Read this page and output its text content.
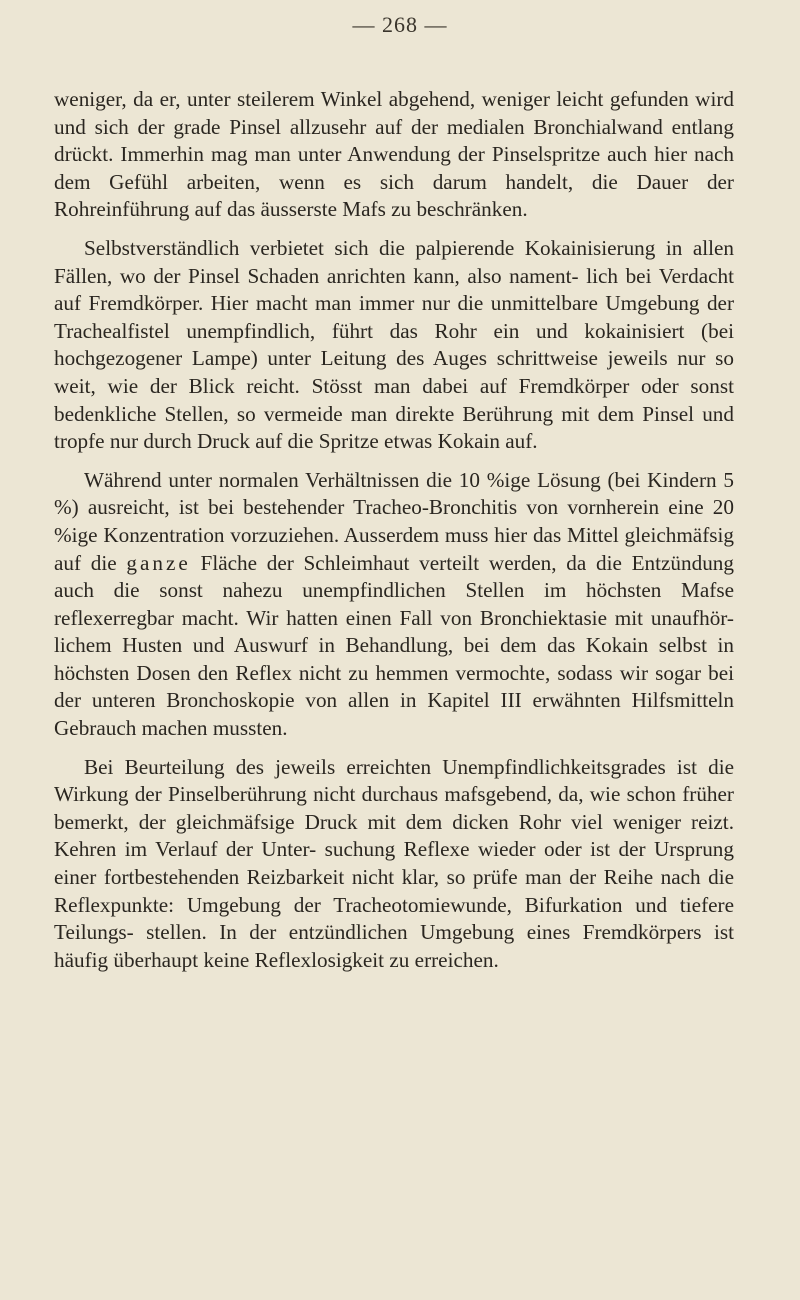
— 268 —

weniger, da er, unter steilerem Winkel abgehend, weniger leicht gefunden wird und sich der grade Pinsel allzusehr auf der medialen Bronchialwand entlang drückt. Immerhin mag man unter Anwendung der Pinselspritze auch hier nach dem Gefühl arbeiten, wenn es sich darum handelt, die Dauer der Rohreinführung auf das äusserste Mafs zu beschränken.

Selbstverständlich verbietet sich die palpierende Kokainisierung in allen Fällen, wo der Pinsel Schaden anrichten kann, also nament- lich bei Verdacht auf Fremdkörper. Hier macht man immer nur die unmittelbare Umgebung der Trachealfistel unempfindlich, führt das Rohr ein und kokainisiert (bei hochgezogener Lampe) unter Leitung des Auges schrittweise jeweils nur so weit, wie der Blick reicht. Stösst man dabei auf Fremdkörper oder sonst bedenkliche Stellen, so vermeide man direkte Berührung mit dem Pinsel und tropfe nur durch Druck auf die Spritze etwas Kokain auf.

Während unter normalen Verhältnissen die 10 %ige Lösung (bei Kindern 5 %) ausreicht, ist bei bestehender Tracheo-Bronchitis von vornherein eine 20 %ige Konzentration vorzuziehen. Ausserdem muss hier das Mittel gleichmäfsig auf die ganze Fläche der Schleimhaut verteilt werden, da die Entzündung auch die sonst nahezu unempfindlichen Stellen im höchsten Mafse reflexerregbar macht. Wir hatten einen Fall von Bronchiektasie mit unaufhör- lichem Husten und Auswurf in Behandlung, bei dem das Kokain selbst in höchsten Dosen den Reflex nicht zu hemmen vermochte, sodass wir sogar bei der unteren Bronchoskopie von allen in Kapitel III erwähnten Hilfsmitteln Gebrauch machen mussten.

Bei Beurteilung des jeweils erreichten Unempfindlichkeitsgrades ist die Wirkung der Pinselberührung nicht durchaus mafsgebend, da, wie schon früher bemerkt, der gleichmäfsige Druck mit dem dicken Rohr viel weniger reizt. Kehren im Verlauf der Unter- suchung Reflexe wieder oder ist der Ursprung einer fortbestehenden Reizbarkeit nicht klar, so prüfe man der Reihe nach die Reflexpunkte: Umgebung der Tracheotomiewunde, Bifurkation und tiefere Teilungs- stellen. In der entzündlichen Umgebung eines Fremdkörpers ist häufig überhaupt keine Reflexlosigkeit zu erreichen.
